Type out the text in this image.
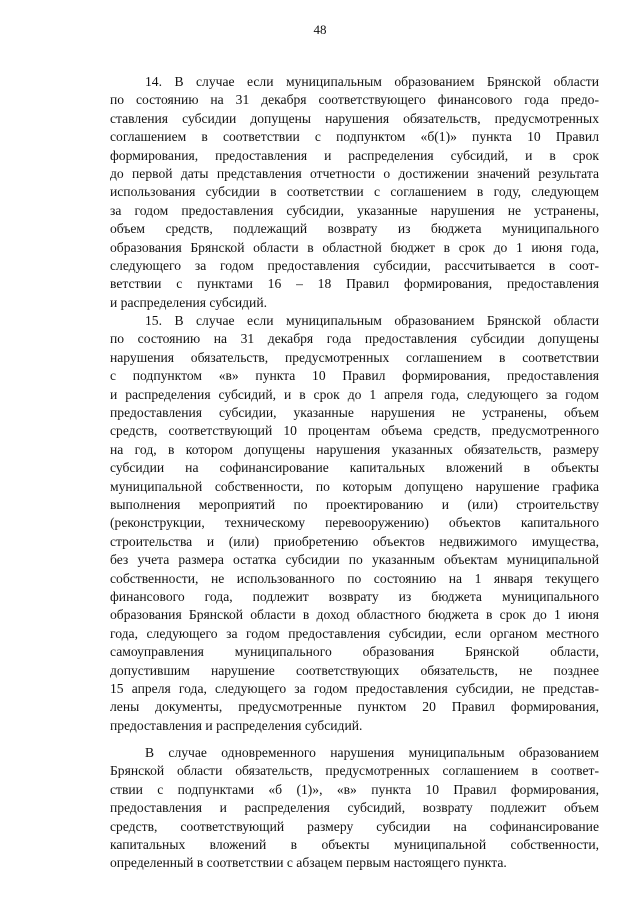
48
14. В случае если муниципальным образованием Брянской области
по состоянию на 31 декабря соответствующего финансового года предо-
ставления субсидии допущены нарушения обязательств, предусмотренных
соглашением в соответствии с подпунктом «б(1)» пункта 10 Правил
формирования, предоставления и распределения субсидий, и в срок
до первой даты представления отчетности о достижении значений результата
использования субсидии в соответствии с соглашением в году, следующем
за годом предоставления субсидии, указанные нарушения не устранены,
объем средств, подлежащий возврату из бюджета муниципального
образования Брянской области в областной бюджет в срок до 1 июня года,
следующего за годом предоставления субсидии, рассчитывается в соот-
ветствии с пунктами 16 – 18 Правил формирования, предоставления
и распределения субсидий.
15. В случае если муниципальным образованием Брянской области
по состоянию на 31 декабря года предоставления субсидии допущены
нарушения обязательств, предусмотренных соглашением в соответствии
с подпунктом «в» пункта 10 Правил формирования, предоставления
и распределения субсидий, и в срок до 1 апреля года, следующего за годом
предоставления субсидии, указанные нарушения не устранены, объем
средств, соответствующий 10 процентам объема средств, предусмотренного
на год, в котором допущены нарушения указанных обязательств, размеру
субсидии на софинансирование капитальных вложений в объекты
муниципальной собственности, по которым допущено нарушение графика
выполнения мероприятий по проектированию и (или) строительству
(реконструкции, техническому перевооружению) объектов капитального
строительства и (или) приобретению объектов недвижимого имущества,
без учета размера остатка субсидии по указанным объектам муниципальной
собственности, не использованного по состоянию на 1 января текущего
финансового года, подлежит возврату из бюджета муниципального
образования Брянской области в доход областного бюджета в срок до 1 июня
года, следующего за годом предоставления субсидии, если органом местного
самоуправления муниципального образования Брянской области,
допустившим нарушение соответствующих обязательств, не позднее
15 апреля года, следующего за годом предоставления субсидии, не представ-
лены документы, предусмотренные пунктом 20 Правил формирования,
предоставления и распределения субсидий.
В случае одновременного нарушения муниципальным образованием
Брянской области обязательств, предусмотренных соглашением в соответ-
ствии с подпунктами «б (1)», «в» пункта 10 Правил формирования,
предоставления и распределения субсидий, возврату подлежит объем
средств, соответствующий размеру субсидии на софинансирование
капитальных вложений в объекты муниципальной собственности,
определенный в соответствии с абзацем первым настоящего пункта.
